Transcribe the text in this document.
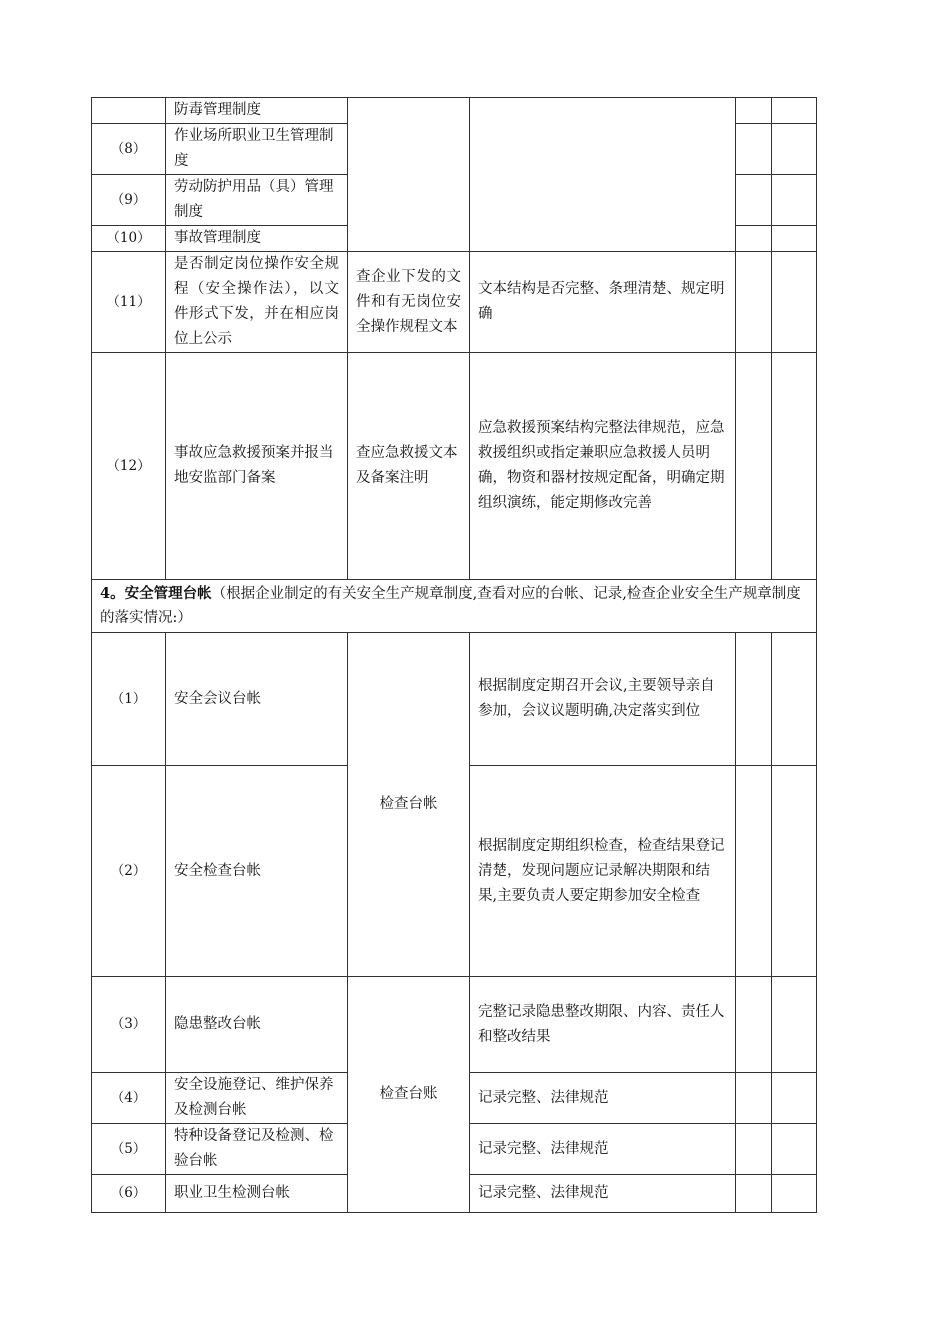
	防毒管理制度				
（8）	作业场所职业卫生管理制度				
（9）	劳动防护用品（具）管理制度				
（10）	事故管理制度				
（11）	是否制定岗位操作安全规程（安全操作法），以文件形式下发，并在相应岗位上公示	查企业下发的文件和有无岗位安全操作规程文本	文本结构是否完整、条理清楚、规定明确		
（12）	事故应急救援预案并报当地安监部门备案	查应急救援文本及备案注明	应急救援预案结构完整法律规范，应急救援组织或指定兼职应急救援人员明确，物资和器材按规定配备，明确定期组织演练，能定期修改完善		
4。安全管理台帐（根据企业制定的有关安全生产规章制度,查看对应的台帐、记录,检查企业安全生产规章制度的落实情况:）					
（1）	安全会议台帐	检查台帐	根据制度定期召开会议,主要领导亲自参加，会议议题明确,决定落实到位		
（2）	安全检查台帐		根据制度定期组织检查，检查结果登记清楚，发现问题应记录解决期限和结果,主要负责人要定期参加安全检查		
（3）	隐患整改台帐	检查台账	完整记录隐患整改期限、内容、责任人和整改结果		
（4）	安全设施登记、维护保养及检测台帐		记录完整、法律规范		
（5）	特种设备登记及检测、检验台帐		记录完整、法律规范		
（6）	职业卫生检测台帐		记录完整、法律规范		
